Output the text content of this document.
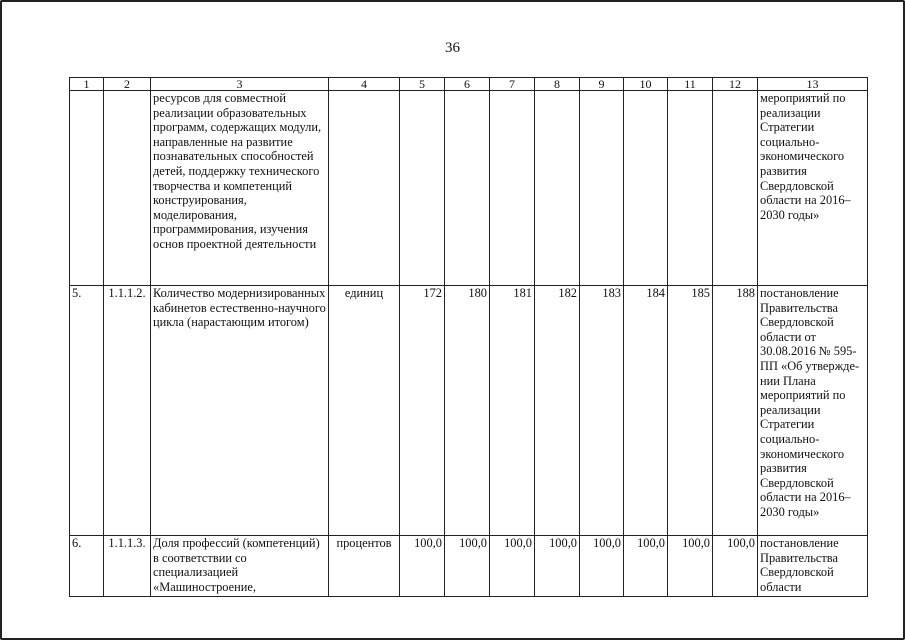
36
1	2	3	4	5	6	7	8	9	10	11	12	13
		ресурсов для совместной реализации образовательных программ, содержащих модули, направленные на развитие познавательных способностей детей, поддержку технического творчества и компетенций конструирования, моделирования, программирования, изучения основ проектной деятельности										мероприятий по реализации Стратегии социально-экономического развития Свердловской области на 2016–2030 годы»
5.	1.1.1.2.	Количество модернизированных кабинетов естественно-научного цикла (нарастающим итогом)	единиц	172	180	181	182	183	184	185	188	постановление Правительства Свердловской области от 30.08.2016 № 595-ПП «Об утвержде-нии Плана мероприятий по реализации Стратегии социально-экономического развития Свердловской области на 2016–2030 годы»
6.	1.1.1.3.	Доля профессий (компетенций) в соответствии со специализацией «Машиностроение,	процентов	100,0	100,0	100,0	100,0	100,0	100,0	100,0	100,0	постановление Правительства Свердловской области
